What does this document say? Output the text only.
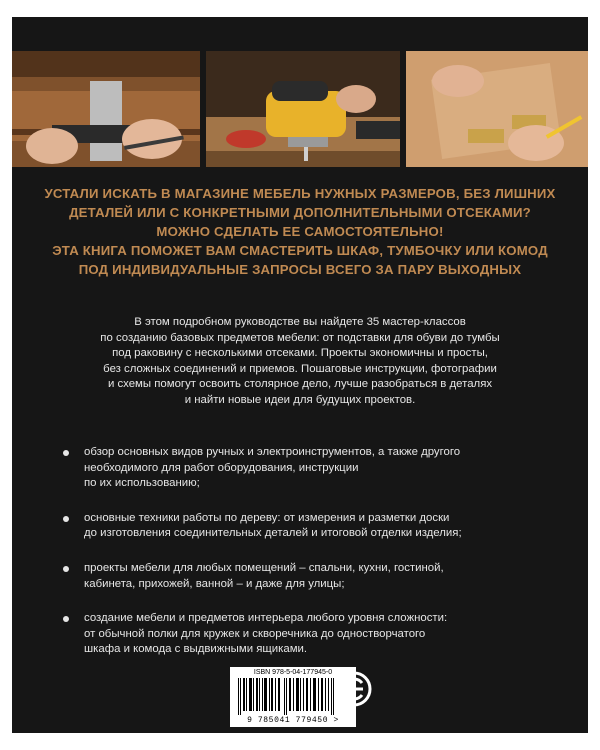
УСТАЛИ ИСКАТЬ В МАГАЗИНЕ МЕБЕЛЬ НУЖНЫХ РАЗМЕРОВ, БЕЗ ЛИШНИХ
ДЕТАЛЕЙ ИЛИ С КОНКРЕТНЫМИ ДОПОЛНИТЕЛЬНЫМИ ОТСЕКАМИ?
МОЖНО СДЕЛАТЬ ЕЕ САМОСТОЯТЕЛЬНО!
ЭТА КНИГА ПОМОЖЕТ ВАМ СМАСТЕРИТЬ ШКАФ, ТУМБОЧКУ ИЛИ КОМОД
ПОД ИНДИВИДУАЛЬНЫЕ ЗАПРОСЫ ВСЕГО ЗА ПАРУ ВЫХОДНЫХ
В этом подробном руководстве вы найдете 35 мастер-классов
по созданию базовых предметов мебели: от подставки для обуви до тумбы
под раковину с несколькими отсеками. Проекты экономичны и просты,
без сложных соединений и приемов. Пошаговые инструкции, фотографии
и схемы помогут освоить столярное дело, лучше разобраться в деталях
и найти новые идеи для будущих проектов.
обзор основных видов ручных и электроинструментов, а также другого
необходимого для работ оборудования, инструкции
по их использованию;
основные техники работы по дереву: от измерения и разметки доски
до изготовления соединительных деталей и итоговой отделки изделия;
проекты мебели для любых помещений – спальни, кухни, гостиной,
кабинета, прихожей, ванной – и даже для улицы;
создание мебели и предметов интерьера любого уровня сложности:
от обычной полки для кружек и скворечника до одностворчатого
шкафа и комода с выдвижными ящиками.
ISBN 978-5-04-177945-0
9 785041 779450 >
